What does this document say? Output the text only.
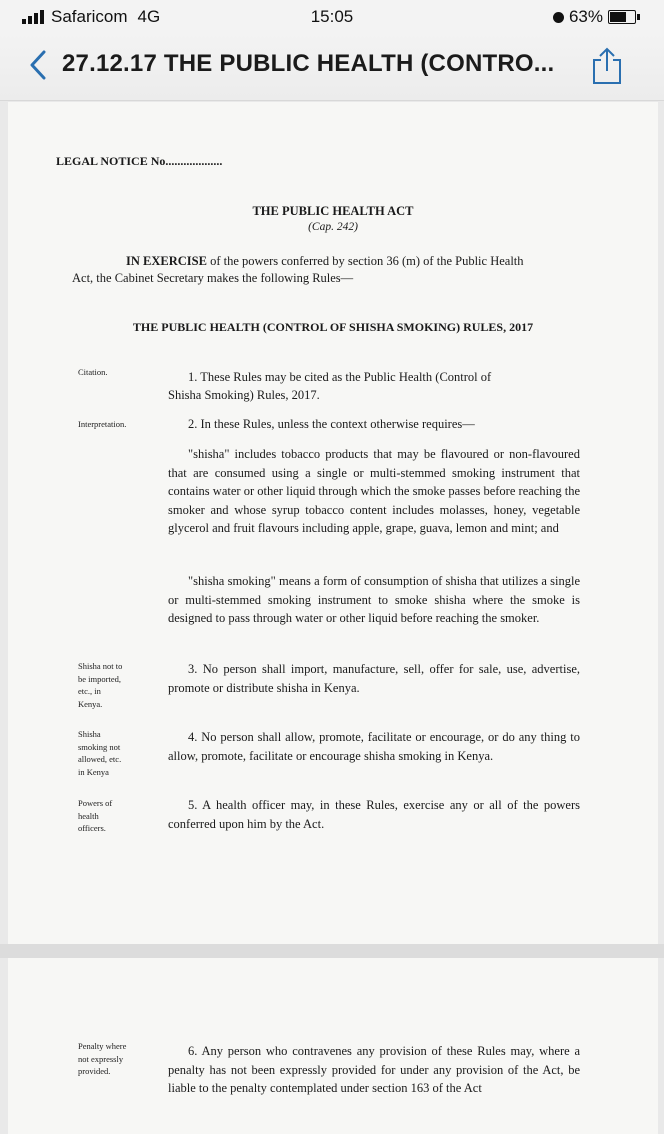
Safaricom 4G	15:05	63%
27.12.17 THE PUBLIC HEALTH (CONTRO...
LEGAL NOTICE No...................
THE PUBLIC HEALTH ACT
(Cap. 242)
IN EXERCISE of the powers conferred by section 36 (m) of the Public Health
Act, the Cabinet Secretary makes the following Rules—
THE PUBLIC HEALTH (CONTROL OF SHISHA SMOKING) RULES, 2017
Citation.	1. These Rules may be cited as the Public Health (Control of
Shisha Smoking) Rules, 2017.
Interpretation.	2. In these Rules, unless the context otherwise requires—
"shisha" includes tobacco products that may be flavoured or non-flavoured that are consumed using a single or multi-stemmed smoking instrument that contains water or other liquid through which the smoke passes before reaching the smoker and whose syrup tobacco content includes molasses, honey, vegetable glycerol and fruit flavours including apple, grape, guava, lemon and mint; and
"shisha smoking" means a form of consumption of shisha that utilizes a single or multi-stemmed smoking instrument to smoke shisha where the smoke is designed to pass through water or other liquid before reaching the smoker.
Shisha not to
be imported,
etc., in
Kenya.
3. No person shall import, manufacture, sell, offer for sale, use, advertise, promote or distribute shisha in Kenya.
Shisha
smoking not
allowed, etc.
in Kenya
4. No person shall allow, promote, facilitate or encourage, or do any thing to allow, promote, facilitate or encourage shisha smoking in Kenya.
Powers of
health
officers.
5. A health officer may, in these Rules, exercise any or all of the powers conferred upon him by the Act.
Penalty where
not expressly
provided.
6. Any person who contravenes any provision of these Rules may, where a penalty has not been expressly provided for under any provision of the Act, be liable to the penalty contemplated under section 163 of the Act
